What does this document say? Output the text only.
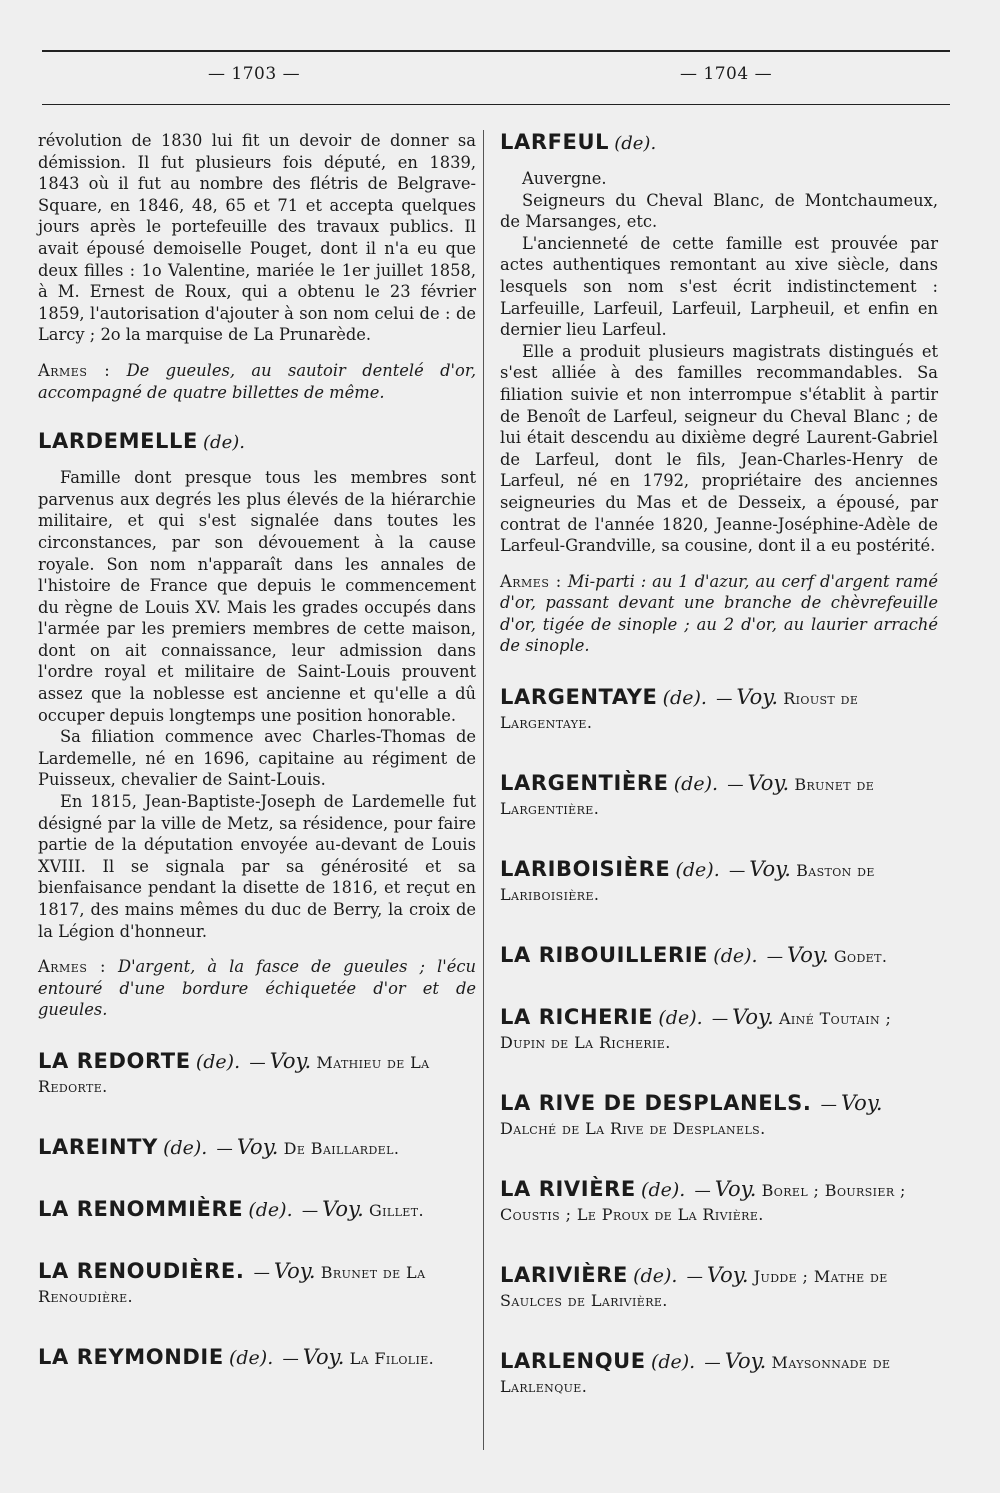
— 1703 —	— 1704 —

révolution de 1830 lui fit un devoir de donner sa démission. Il fut plusieurs fois député, en 1839, 1843 où il fut au nombre des flétris de Belgrave-Square, en 1846, 48, 65 et 71 et accepta quelques jours après le portefeuille des travaux publics. Il avait épousé demoiselle Pouget, dont il n'a eu que deux filles : 1o Valentine, mariée le 1er juillet 1858, à M. Ernest de Roux, qui a obtenu le 23 février 1859, l'autorisation d'ajouter à son nom celui de : de Larcy ; 2o la marquise de La Prunarède.

Armes : De gueules, au sautoir dentelé d'or, accompagné de quatre billettes de même.
LARDEMELLE (de).

Famille dont presque tous les membres sont parvenus aux degrés les plus élevés de la hiérarchie militaire, et qui s'est signalée dans toutes les circonstances, par son dévouement à la cause royale. Son nom n'apparaît dans les annales de l'histoire de France que depuis le commencement du règne de Louis XV. Mais les grades occupés dans l'armée par les premiers membres de cette maison, dont on ait connaissance, leur admission dans l'ordre royal et militaire de Saint-Louis prouvent assez que la noblesse est ancienne et qu'elle a dû occuper depuis longtemps une position honorable.

Sa filiation commence avec Charles-Thomas de Lardemelle, né en 1696, capitaine au régiment de Puisseux, chevalier de Saint-Louis.

En 1815, Jean-Baptiste-Joseph de Lardemelle fut désigné par la ville de Metz, sa résidence, pour faire partie de la députation envoyée au-devant de Louis XVIII. Il se signala par sa générosité et sa bienfaisance pendant la disette de 1816, et reçut en 1817, des mains mêmes du duc de Berry, la croix de la Légion d'honneur.

Armes : D'argent, à la fasce de gueules ; l'écu entouré d'une bordure échiquetée d'or et de gueules.
LA REDORTE (de). — Voy. Mathieu de La Redorte.
LAREINTY (de). — Voy. De Baillardel.
LA RENOMMIÈRE (de). — Voy. Gillet.
LA RENOUDIÈRE. — Voy. Brunet de La Renoudière.
LA REYMONDIE (de). — Voy. La Filolie.
LARFEUL (de).

Auvergne.

Seigneurs du Cheval Blanc, de Montchaumeux, de Marsanges, etc.

L'ancienneté de cette famille est prouvée par actes authentiques remontant au xive siècle, dans lesquels son nom s'est écrit indistinctement : Larfeuille, Larfeuil, Larfeuil, Larpheuil, et enfin en dernier lieu Larfeul.

Elle a produit plusieurs magistrats distingués et s'est alliée à des familles recommandables. Sa filiation suivie et non interrompue s'établit à partir de Benoît de Larfeul, seigneur du Cheval Blanc ; de lui était descendu au dixième degré Laurent-Gabriel de Larfeul, dont le fils, Jean-Charles-Henry de Larfeul, né en 1792, propriétaire des anciennes seigneuries du Mas et de Desseix, a épousé, par contrat de l'année 1820, Jeanne-Joséphine-Adèle de Larfeul-Grandville, sa cousine, dont il a eu postérité.

Armes : Mi-parti : au 1 d'azur, au cerf d'argent ramé d'or, passant devant une branche de chèvrefeuille d'or, tigée de sinople ; au 2 d'or, au laurier arraché de sinople.
LARGENTAYE (de). — Voy. Rioust de Largentaye.
LARGENTIÈRE (de). — Voy. Brunet de Largentière.
LARIBOISIÈRE (de). — Voy. Baston de Lariboisière.
LA RIBOUILLERIE (de). — Voy. Godet.
LA RICHERIE (de). — Voy. Ainé Toutain ; Dupin de La Richerie.
LA RIVE DE DESPLANELS. — Voy. Dalché de La Rive de Desplanels.
LA RIVIÈRE (de). — Voy. Borel ; Boursier ; Coustis ; Le Proux de La Rivière.
LARIVIÈRE (de). — Voy. Judde ; Mathe de Saulces de Larivière.
LARLENQUE (de). — Voy. Maysonnade de Larlenque.
